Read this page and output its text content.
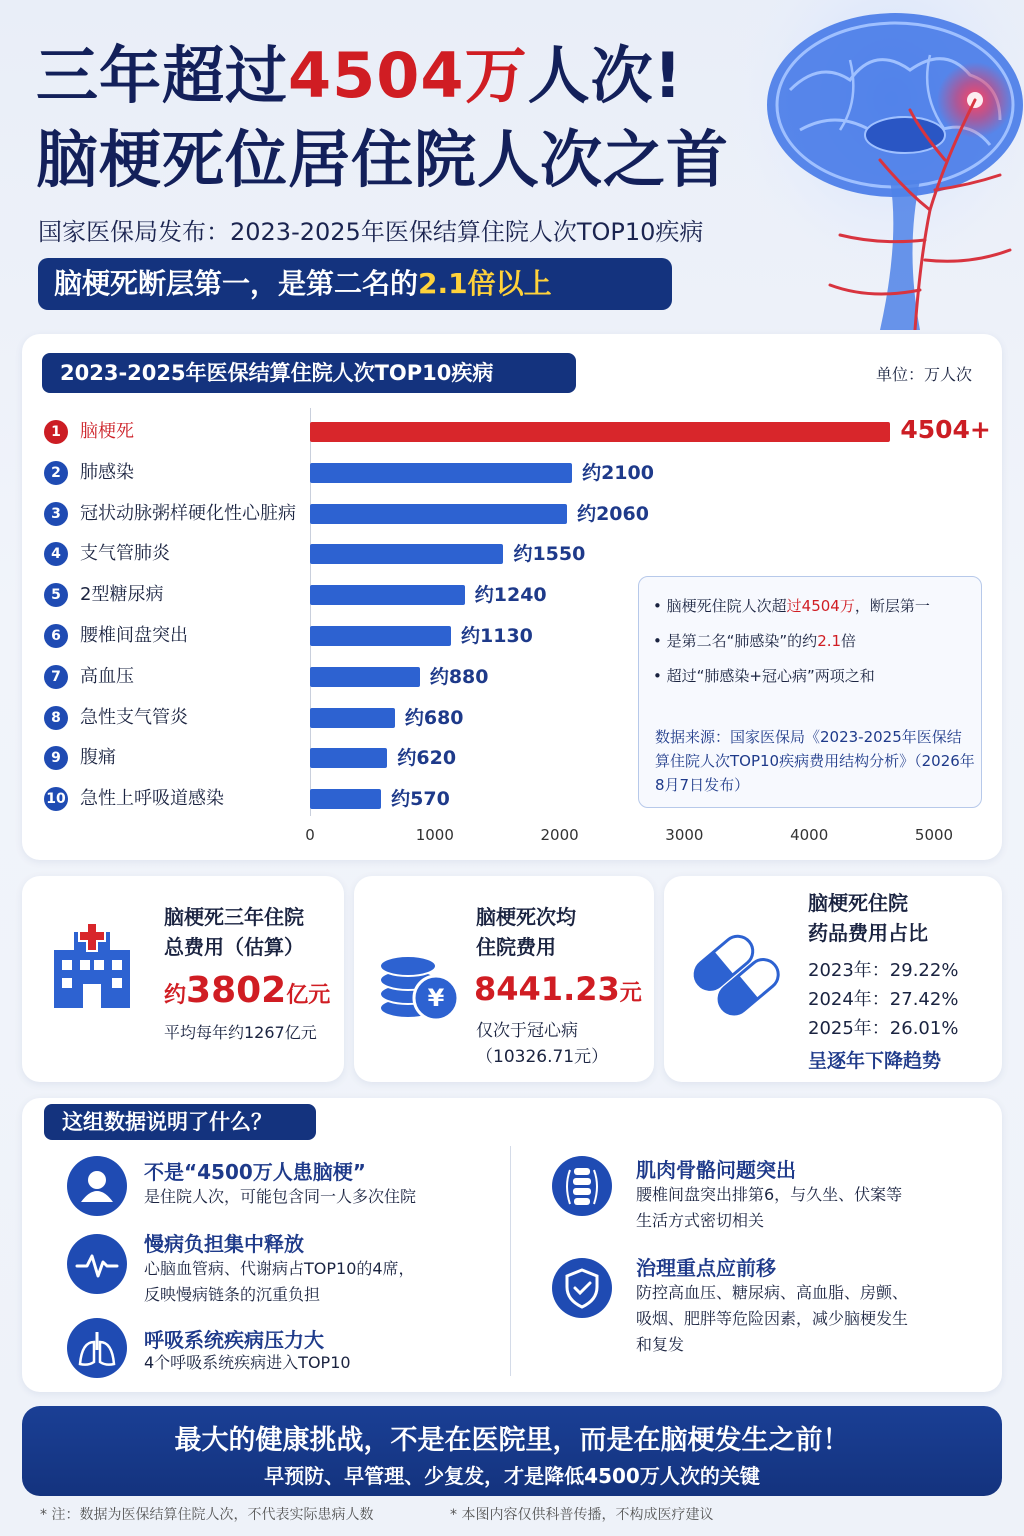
三年超过4504万人次!
脑梗死位居住院人次之首
国家医保局发布：2023-2025年医保结算住院人次TOP10疾病
脑梗死断层第一，是第二名的2.1倍以上
2023-2025年医保结算住院人次TOP10疾病	单位：万人次
1	脑梗死	4504+
2	肺感染	约2100
3	冠状动脉粥样硬化性心脏病	约2060
4	支气管肺炎	约1550
5	2型糖尿病	约1240
6	腰椎间盘突出	约1130
7	高血压	约880
8	急性支气管炎	约680
9	腹痛	约620
10 急性上呼吸道感染	约570
0	1000	2000	3000	4000	5000
• 脑梗死住院人次超过4504万，断层第一
• 是第二名“肺感染”的约2.1倍
• 超过“肺感染+冠心病”两项之和
数据来源：国家医保局《2023-2025年医保结算住院人次TOP10疾病费用结构分析》（2026年8月7日发布）
脑梗死三年住院
总费用（估算）
约3802亿元
平均每年约1267亿元
¥
脑梗死次均
住院费用
8441.23元
仅次于冠心病
（10326.71元）
脑梗死住院
药品费用占比
2023年：29.22%
2024年：27.42%
2025年：26.01%
呈逐年下降趋势
这组数据说明了什么？
不是“4500万人患脑梗”
是住院人次，可能包含同一人多次住院
慢病负担集中释放
心脑血管病、代谢病占TOP10的4席，
反映慢病链条的沉重负担
呼吸系统疾病压力大
4个呼吸系统疾病进入TOP10
肌肉骨骼问题突出
腰椎间盘突出排第6，与久坐、伏案等
生活方式密切相关
治理重点应前移
防控高血压、糖尿病、高血脂、房颤、
吸烟、肥胖等危险因素，减少脑梗发生
和复发
最大的健康挑战，不是在医院里，而是在脑梗发生之前！
早预防、早管理、少复发，才是降低4500万人次的关键
* 注：数据为医保结算住院人次，不代表实际患病人数	* 本图内容仅供科普传播，不构成医疗建议
